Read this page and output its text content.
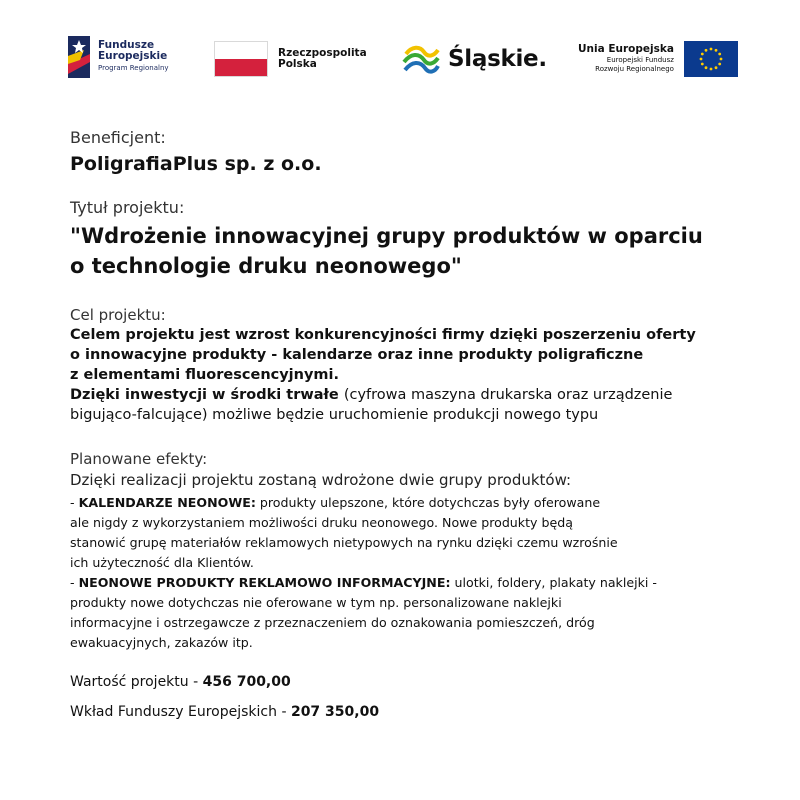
Fundusze
Europejskie
Program Regionalny
Rzeczpospolita
Polska	Śląskie.	Unia Europejska
Europejski Fundusz
Rozwoju Regionalnego
Beneficjent:
PoligrafiaPlus sp. z o.o.
Tytuł projektu:
"Wdrożenie innowacyjnej grupy produktów w oparciu
o technologie druku neonowego"
Cel projektu:
Celem projektu jest wzrost konkurencyjności firmy dzięki poszerzeniu oferty
o innowacyjne produkty - kalendarze oraz inne produkty poligraficzne
z elementami fluorescencyjnymi.
Dzięki inwestycji w środki trwałe (cyfrowa maszyna drukarska oraz urządzenie
bigująco-falcujące) możliwe będzie uruchomienie produkcji nowego typu
Planowane efekty:
Dzięki realizacji projektu zostaną wdrożone dwie grupy produktów:
- KALENDARZE NEONOWE: produkty ulepszone, które dotychczas były oferowane
ale nigdy z wykorzystaniem możliwości druku neonowego. Nowe produkty będą
stanowić grupę materiałów reklamowych nietypowych na rynku dzięki czemu wzrośnie
ich użyteczność dla Klientów.
- NEONOWE PRODUKTY REKLAMOWO INFORMACYJNE: ulotki, foldery, plakaty naklejki -
produkty nowe dotychczas nie oferowane w tym np. personalizowane naklejki
informacyjne i ostrzegawcze z przeznaczeniem do oznakowania pomieszczeń, dróg
ewakuacyjnych, zakazów itp.
Wartość projektu - 456 700,00
Wkład Funduszy Europejskich - 207 350,00
